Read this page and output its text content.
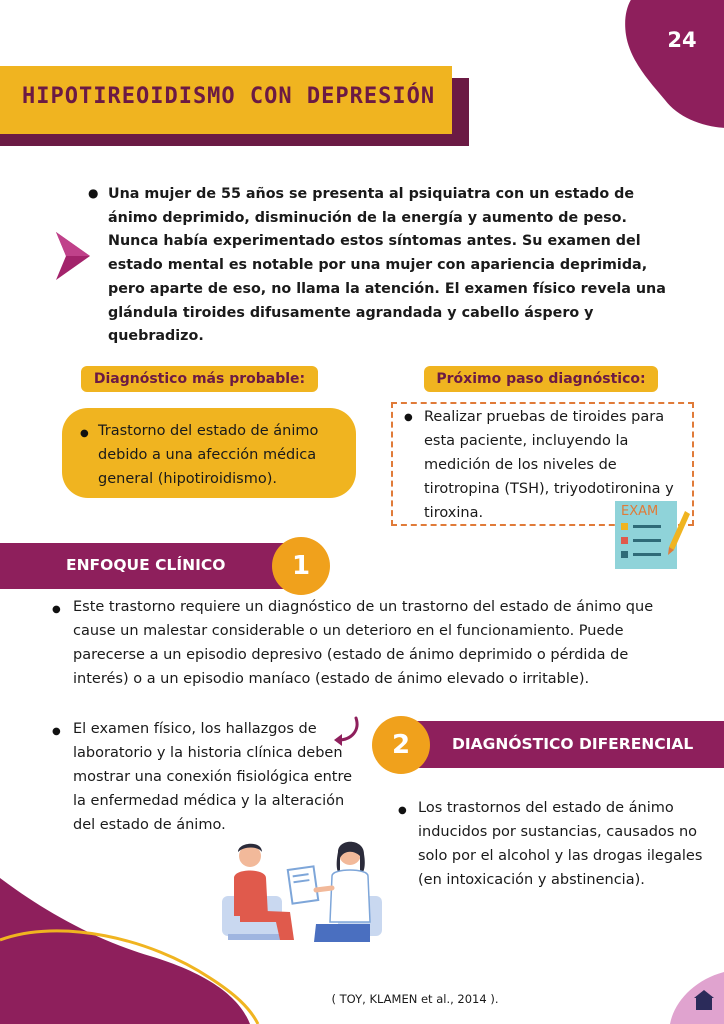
24
HIPOTIREOIDISMO CON DEPRESIÓN
● Una mujer de 55 años se presenta al psiquiatra con un estado de ánimo deprimido, disminución de la energía y aumento de peso. Nunca había experimentado estos síntomas antes. Su examen del estado mental es notable por una mujer con apariencia deprimida, pero aparte de eso, no llama la atención. El examen físico revela una glándula tiroides difusamente agrandada y cabello áspero y quebradizo.
Diagnóstico más probable:	Próximo paso diagnóstico:
● Trastorno del estado de ánimo debido a una afección médica general (hipotiroidismo).
● Realizar pruebas de tiroides para esta paciente, incluyendo la medición de los niveles de tirotropina (TSH), triyodotironina y tiroxina.	EXAM
ENFOQUE CLÍNICO	1
● Este trastorno requiere un diagnóstico de un trastorno del estado de ánimo que cause un malestar considerable o un deterioro en el funcionamiento. Puede parecerse a un episodio depresivo (estado de ánimo deprimido o pérdida de interés) o a un episodio maníaco (estado de ánimo elevado o irritable).
● El examen físico, los hallazgos de laboratorio y la historia clínica deben mostrar una conexión fisiológica entre la enfermedad médica y la alteración del estado de ánimo.
DIAGNÓSTICO DIFERENCIAL
2
● Los trastornos del estado de ánimo inducidos por sustancias, causados no solo por el alcohol y las drogas ilegales (en intoxicación y abstinencia).
( TOY, KLAMEN et al., 2014 ).
